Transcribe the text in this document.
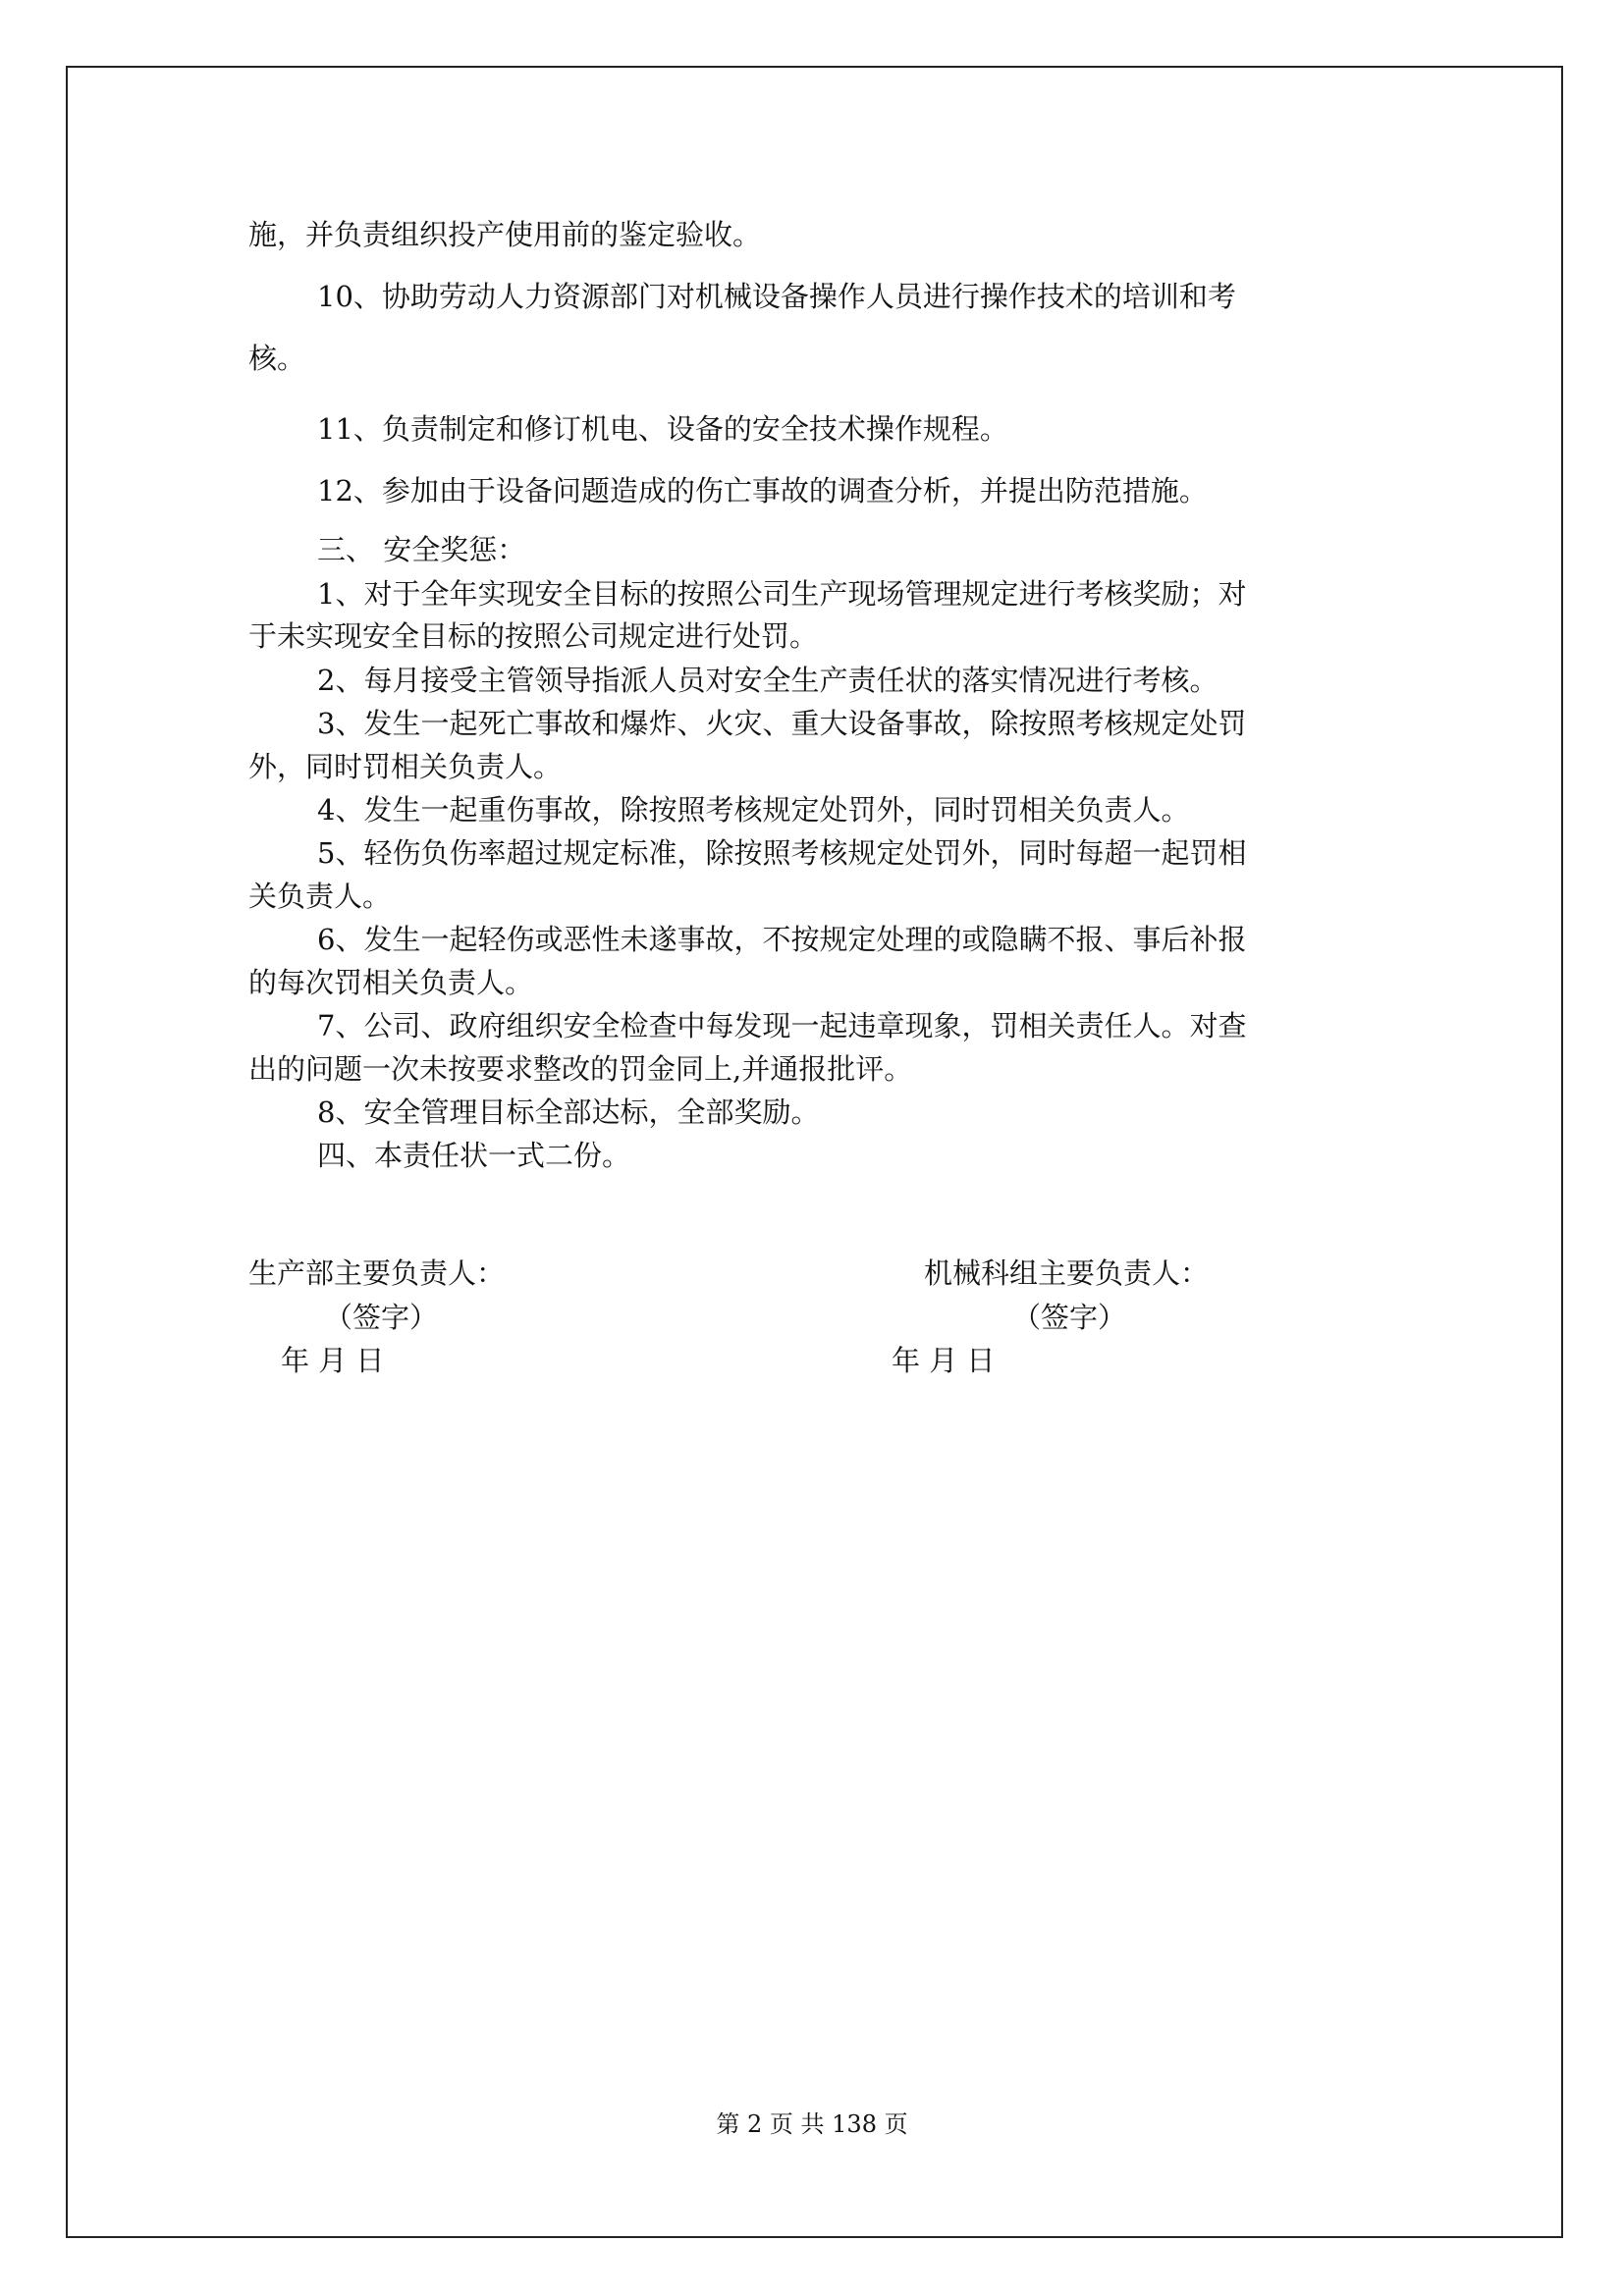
施，并负责组织投产使用前的鉴定验收。
10、协助劳动人力资源部门对机械设备操作人员进行操作技术的培训和考
核。
11、负责制定和修订机电、设备的安全技术操作规程。
12、参加由于设备问题造成的伤亡事故的调查分析，并提出防范措施。
三、 安全奖惩：
1、对于全年实现安全目标的按照公司生产现场管理规定进行考核奖励；对
于未实现安全目标的按照公司规定进行处罚。
2、每月接受主管领导指派人员对安全生产责任状的落实情况进行考核。
3、发生一起死亡事故和爆炸、火灾、重大设备事故，除按照考核规定处罚
外，同时罚相关负责人。
4、发生一起重伤事故，除按照考核规定处罚外，同时罚相关负责人。
5、轻伤负伤率超过规定标准，除按照考核规定处罚外，同时每超一起罚相
关负责人。
6、发生一起轻伤或恶性未遂事故，不按规定处理的或隐瞒不报、事后补报
的每次罚相关负责人。
7、公司、政府组织安全检查中每发现一起违章现象，罚相关责任人。对查
出的问题一次未按要求整改的罚金同上,并通报批评。
8、安全管理目标全部达标，全部奖励。
四、本责任状一式二份。
生产部主要负责人：
（签字）
年 月 日
机械科组主要负责人：
（签字）
年 月 日
第 2 页 共 138 页
